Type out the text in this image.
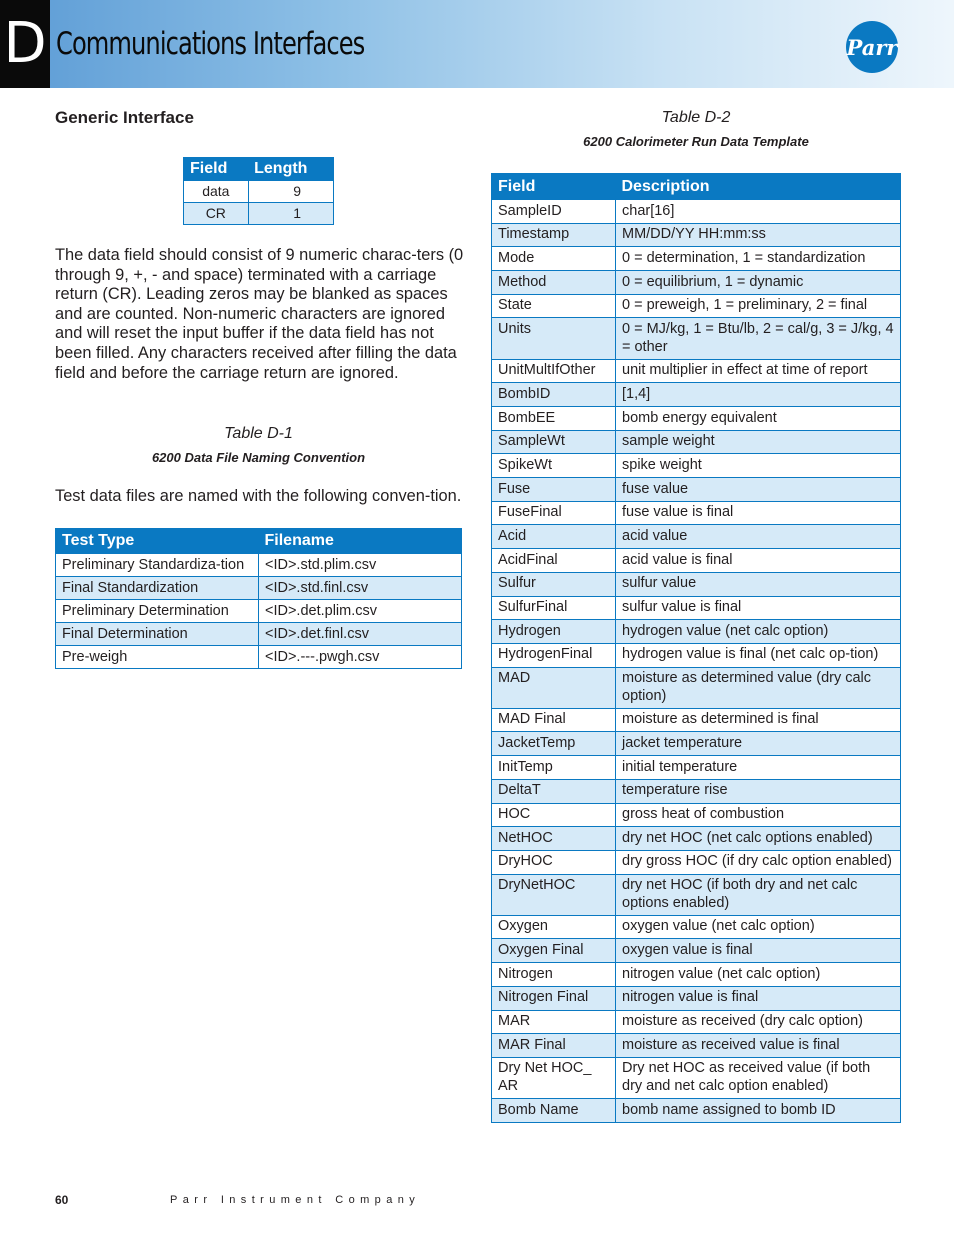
D Communications Interfaces	Parr
Generic Interface
Field	Length
data	9
CR	1

The data field should consist of 9 numeric charac-ters (0 through 9, +, - and space) terminated with a carriage return (CR). Leading zeros may be blanked as spaces and are counted. Non-numeric characters are ignored and will reset the input buffer if the data field has not been filled. Any characters received after filling the data field and before the carriage return are ignored.

Table D-1
6200 Data File Naming Convention

Test data files are named with the following conven-tion.

Test Type	Filename
Preliminary Standardiza-tion	<ID>.std.plim.csv
Final Standardization	<ID>.std.finl.csv
Preliminary Determination	<ID>.det.plim.csv
Final Determination	<ID>.det.finl.csv
Pre-weigh	<ID>.---.pwgh.csv
Table D-2
6200 Calorimeter Run Data Template
Field	Description
SampleID	char[16]
Timestamp	MM/DD/YY HH:mm:ss
Mode	0 = determination, 1 = standardization
Method	0 = equilibrium, 1 = dynamic
State	0 = preweigh, 1 = preliminary, 2 = final
Units	0 = MJ/kg, 1 = Btu/lb, 2 = cal/g, 3 = J/kg, 4 = other
UnitMultIfOther	unit multiplier in effect at time of report
BombID	[1,4]
BombEE	bomb energy equivalent
SampleWt	sample weight
SpikeWt	spike weight
Fuse	fuse value
FuseFinal	fuse value is final
Acid	acid value
AcidFinal	acid value is final
Sulfur	sulfur value
SulfurFinal	sulfur value is final
Hydrogen	hydrogen value (net calc option)
HydrogenFinal	hydrogen value is final (net calc op-tion)
MAD	moisture as determined value (dry calc option)
MAD Final	moisture as determined is final
JacketTemp	jacket temperature
InitTemp	initial temperature
DeltaT	temperature rise
HOC	gross heat of combustion
NetHOC	dry net HOC (net calc options enabled)
DryHOC	dry gross HOC (if dry calc option enabled)
DryNetHOC	dry net HOC (if both dry and net calc options enabled)
Oxygen	oxygen value (net calc option)
Oxygen Final	oxygen value is final
Nitrogen	nitrogen value (net calc option)
Nitrogen Final	nitrogen value is final
MAR	moisture as received (dry calc option)
MAR Final	moisture as received value is final
Dry Net HOC_ AR	Dry net HOC as received value (if both dry and net calc option enabled)
Bomb Name	bomb name assigned to bomb ID
60	Parr Instrument Company
